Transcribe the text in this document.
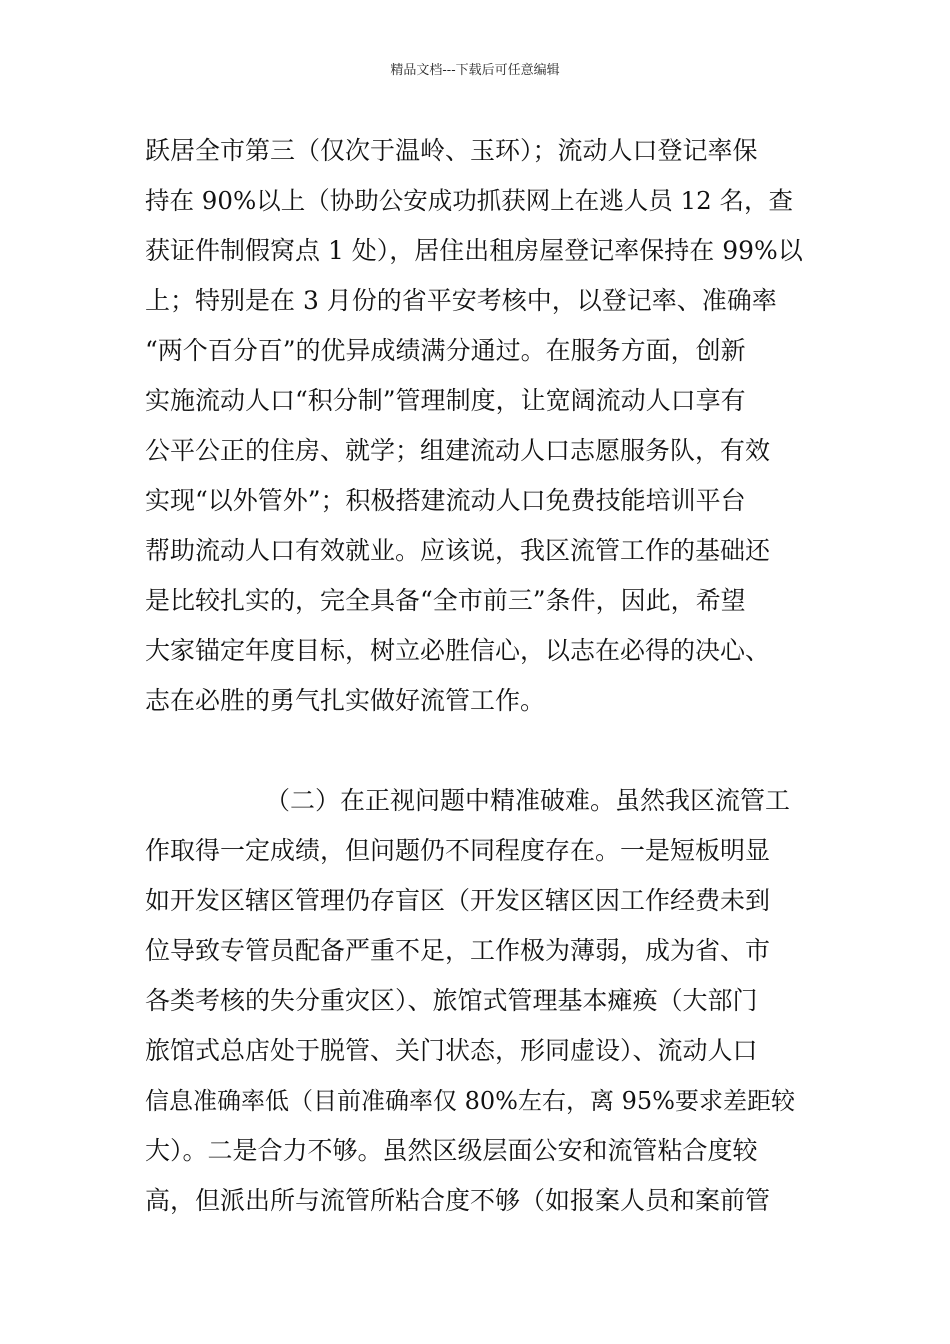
精品文档---下载后可任意编辑
跃居全市第三（仅次于温岭、玉环）；流动人口登记率保
持在 90%以上（协助公安成功抓获网上在逃人员 12 名，查
获证件制假窝点 1 处），居住出租房屋登记率保持在 99%以
上；特别是在 3 月份的省平安考核中，以登记率、准确率
“两个百分百”的优异成绩满分通过。在服务方面，创新
实施流动人口“积分制”管理制度，让宽阔流动人口享有
公平公正的住房、就学；组建流动人口志愿服务队，有效
实现“以外管外”；积极搭建流动人口免费技能培训平台
帮助流动人口有效就业。应该说，我区流管工作的基础还
是比较扎实的，完全具备“全市前三”条件，因此，希望
大家锚定年度目标，树立必胜信心，以志在必得的决心、
志在必胜的勇气扎实做好流管工作。
（二）在正视问题中精准破难。虽然我区流管工
作取得一定成绩，但问题仍不同程度存在。一是短板明显
如开发区辖区管理仍存盲区（开发区辖区因工作经费未到
位导致专管员配备严重不足，工作极为薄弱，成为省、市
各类考核的失分重灾区）、旅馆式管理基本瘫痪（大部门
旅馆式总店处于脱管、关门状态，形同虚设）、流动人口
信息准确率低（目前准确率仅 80%左右，离 95%要求差距较
大）。二是合力不够。虽然区级层面公安和流管粘合度较
高，但派出所与流管所粘合度不够（如报案人员和案前管
